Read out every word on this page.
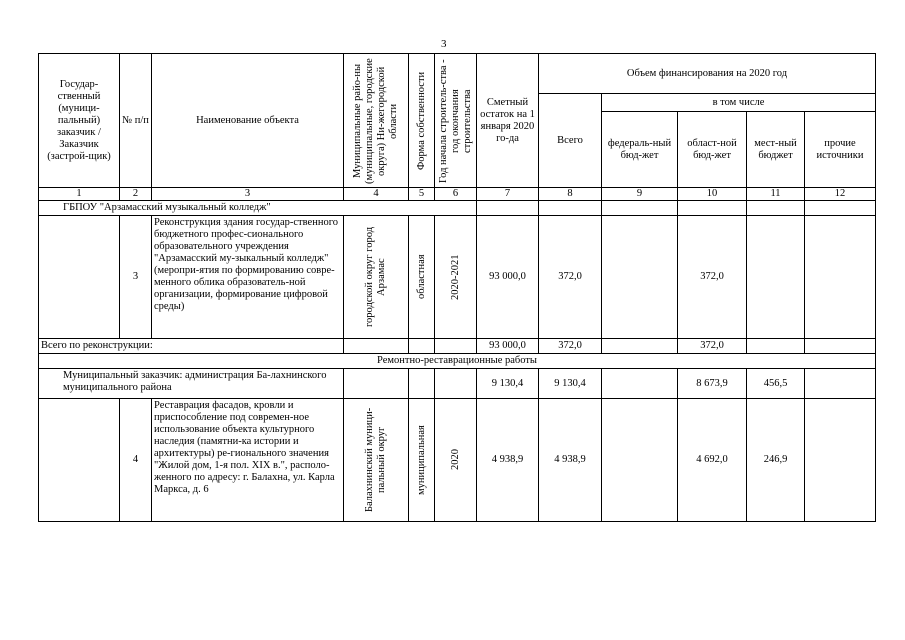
3
Государ-ственный (муници-пальный) заказчик / Заказчик (застрой-щик)	№ п/п	Наименование объекта	Муниципальные райо-ны (муниципальные, городские округа) Ни-жегородской области	Форма собственности	Год начала строитель-ства - год окончания строительства	Сметный остаток на 1 января 2020 го-да	Объем финансирования на 2020 год				
							Всего	в том числе			
								федераль-ный бюд-жет	област-ной бюд-жет	мест-ный бюджет	прочие источники
1	2	3	4	5	6	7	8	9	10	11	12
ГБПОУ "Арзамасский музыкальный колледж"											
	3	Реконструкция здания государ-ственного бюджетного профес-сионального образовательного учреждения "Арзамасский му-зыкальный колледж" (меропри-ятия по формированию совре-менного облика образователь-ной организации, формирование цифровой среды)	городской округ город Арзамас	областная	2020-2021	93 000,0	372,0		372,0		
Всего по реконструкции:						93 000,0	372,0		372,0		
Ремонтно-реставрационные работы											
Муниципальный заказчик: администрация Ба-лахнинского муниципального района						9 130,4	9 130,4		8 673,9	456,5	
	4	Реставрация фасадов, кровли и приспособление под современ-ное использование объекта культурного наследия (памятни-ка истории и архитектуры) ре-гионального значения "Жилой дом, 1-я пол. XIX в.", располо-женного по адресу: г. Балахна, ул. Карла Маркса, д. 6	Балахнинский муници-пальный округ	муниципальная	2020	4 938,9	4 938,9		4 692,0	246,9	
